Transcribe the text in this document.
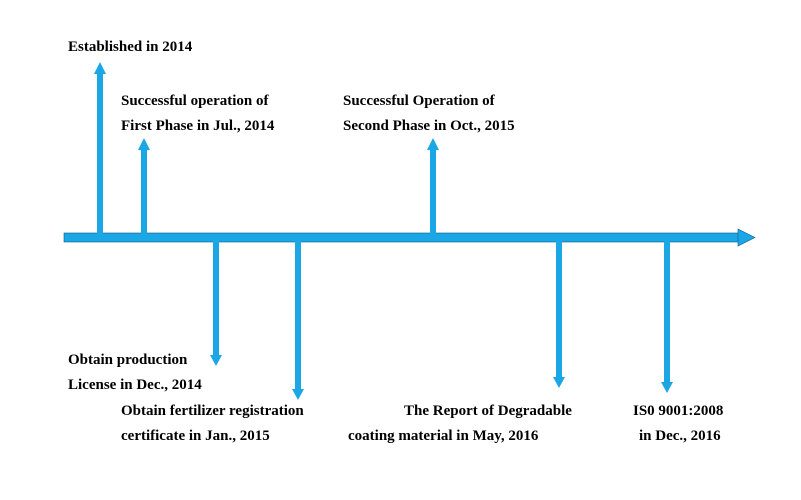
Established in 2014
Successful operation of
First Phase in Jul., 2014
Successful Operation of
Second Phase in Oct., 2015
Obtain production
License in Dec., 2014
Obtain fertilizer registration
certificate in Jan., 2015
The Report of Degradable
coating material in May, 2016
IS0 9001:2008
in Dec., 2016
